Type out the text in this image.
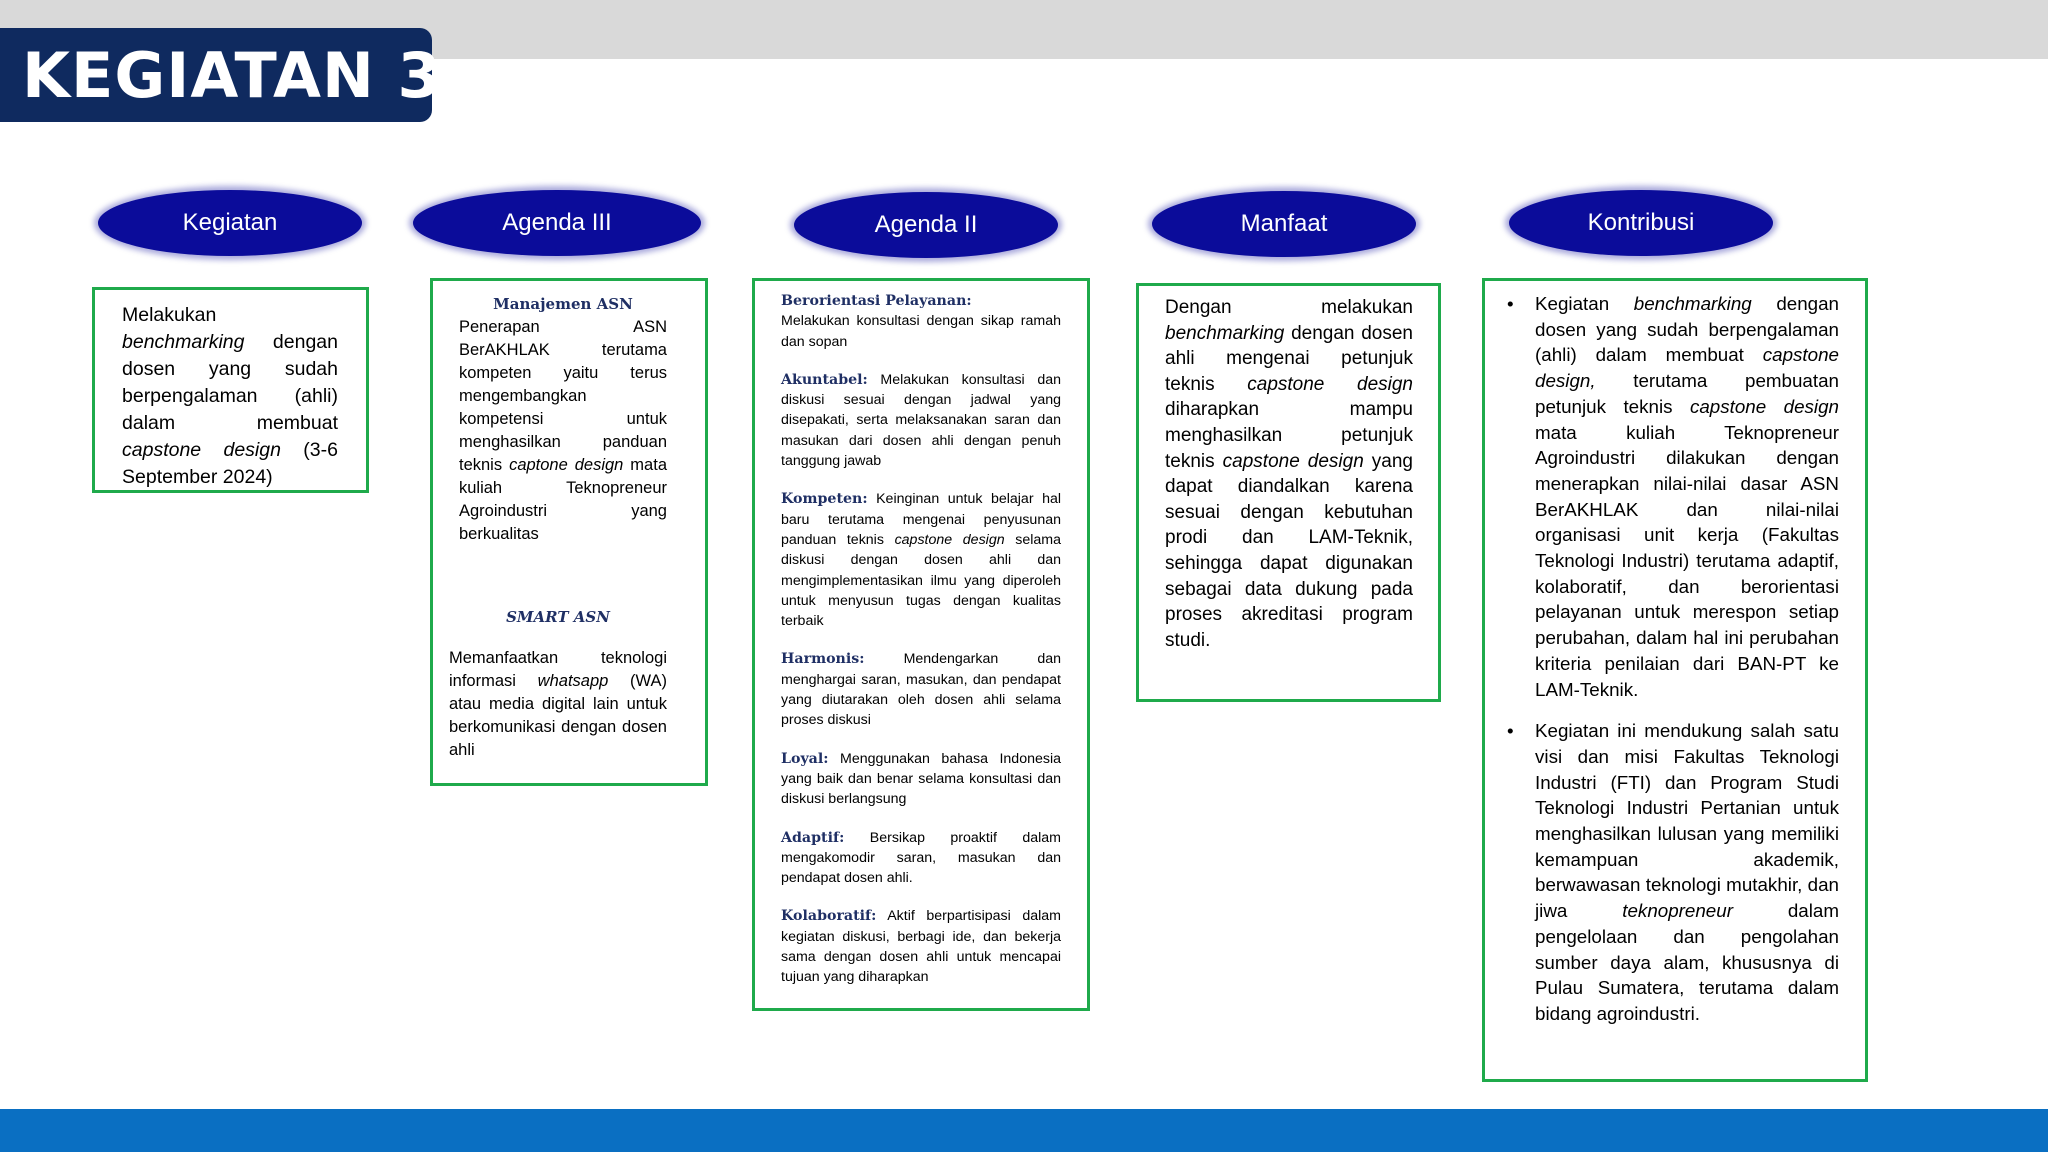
KEGIATAN 3
Kegiatan	Agenda III	Agenda II	Manfaat	Kontribusi

Melakukan benchmarking dengan dosen yang sudah berpengalaman (ahli) dalam membuat capstone design (3-6 September 2024)

Manajemen ASN

Penerapan ASN BerAKHLAK terutama kompeten yaitu terus mengembangkan kompetensi untuk menghasilkan panduan teknis captone design mata kuliah Teknopreneur Agroindustri yang berkualitas

SMART ASN

Memanfaatkan teknologi informasi whatsapp (WA) atau media digital lain untuk berkomunikasi dengan dosen ahli

Berorientasi Pelayanan:
Melakukan konsultasi dengan sikap ramah dan sopan

Akuntabel: Melakukan konsultasi dan diskusi sesuai dengan jadwal yang disepakati, serta melaksanakan saran dan masukan dari dosen ahli dengan penuh tanggung jawab

Kompeten: Keinginan untuk belajar hal baru terutama mengenai penyusunan panduan teknis capstone design selama diskusi dengan dosen ahli dan mengimplementasikan ilmu yang diperoleh untuk menyusun tugas dengan kualitas terbaik

Harmonis: Mendengarkan dan menghargai saran, masukan, dan pendapat yang diutarakan oleh dosen ahli selama proses diskusi

Loyal: Menggunakan bahasa Indonesia yang baik dan benar selama konsultasi dan diskusi berlangsung

Adaptif: Bersikap proaktif dalam mengakomodir saran, masukan dan pendapat dosen ahli.

Kolaboratif: Aktif berpartisipasi dalam kegiatan diskusi, berbagi ide, dan bekerja sama dengan dosen ahli untuk mencapai tujuan yang diharapkan

Dengan melakukan benchmarking dengan dosen ahli mengenai petunjuk teknis capstone design diharapkan mampu menghasilkan petunjuk teknis capstone design yang dapat diandalkan karena sesuai dengan kebutuhan prodi dan LAM-Teknik, sehingga dapat digunakan sebagai data dukung pada proses akreditasi program studi.

• Kegiatan benchmarking dengan dosen yang sudah berpengalaman (ahli) dalam membuat capstone design, terutama pembuatan petunjuk teknis capstone design mata kuliah Teknopreneur Agroindustri dilakukan dengan menerapkan nilai-nilai dasar ASN BerAKHLAK dan nilai-nilai organisasi unit kerja (Fakultas Teknologi Industri) terutama adaptif, kolaboratif, dan berorientasi pelayanan untuk merespon setiap perubahan, dalam hal ini perubahan kriteria penilaian dari BAN-PT ke LAM-Teknik.
• Kegiatan ini mendukung salah satu visi dan misi Fakultas Teknologi Industri (FTI) dan Program Studi Teknologi Industri Pertanian untuk menghasilkan lulusan yang memiliki kemampuan akademik, berwawasan teknologi mutakhir, dan jiwa teknopreneur dalam pengelolaan dan pengolahan sumber daya alam, khususnya di Pulau Sumatera, terutama dalam bidang agroindustri.
